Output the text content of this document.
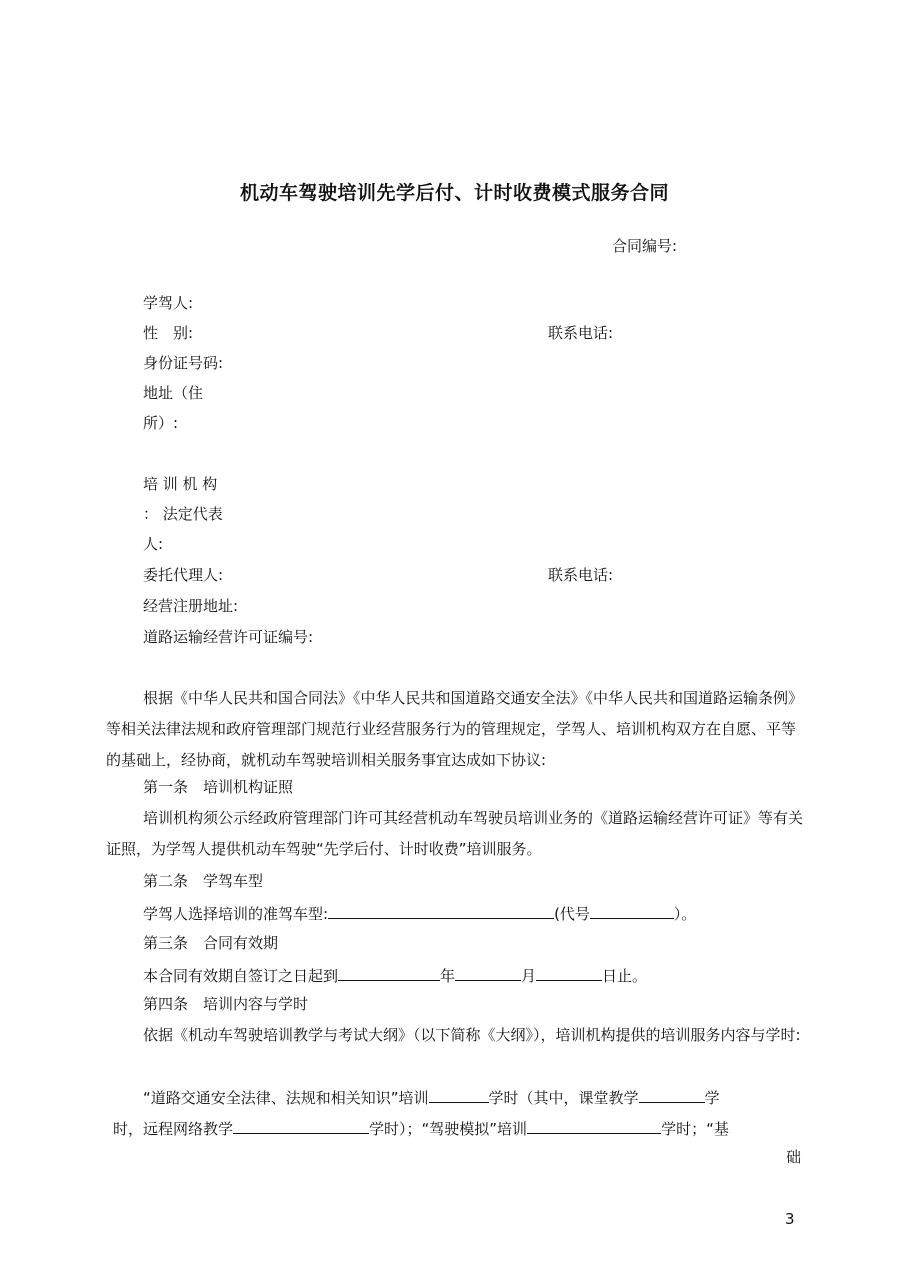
机动车驾驶培训先学后付、计时收费模式服务合同
合同编号:
学驾人:
性　别:	联系电话:
身份证号码:
地址（住
所）:
培 训 机 构
： 法定代表
人:
委托代理人:	联系电话:
经营注册地址:
道路运输经营许可证编号:
根据《中华人民共和国合同法》《中华人民共和国道路交通安全法》《中华人民共和国道路运输条例》等相关法律法规和政府管理部门规范行业经营服务行为的管理规定，学驾人、培训机构双方在自愿、平等的基础上，经协商，就机动车驾驶培训相关服务事宜达成如下协议:
第一条　培训机构证照
培训机构须公示经政府管理部门许可其经营机动车驾驶员培训业务的《道路运输经营许可证》等有关证照，为学驾人提供机动车驾驶“先学后付、计时收费”培训服务。
第二条　学驾车型
学驾人选择培训的准驾车型:	(代号	）。
第三条　合同有效期
本合同有效期自签订之日起到	年	月	日止。
第四条　培训内容与学时
依据《机动车驾驶培训教学与考试大纲》（以下简称《大纲》），培训机构提供的培训服务内容与学时:
“道路交通安全法律、法规和相关知识”培训	学时（其中，课堂教学	学
时，远程网络教学	学时）；“驾驶模拟”培训	学时；“基
础
3
